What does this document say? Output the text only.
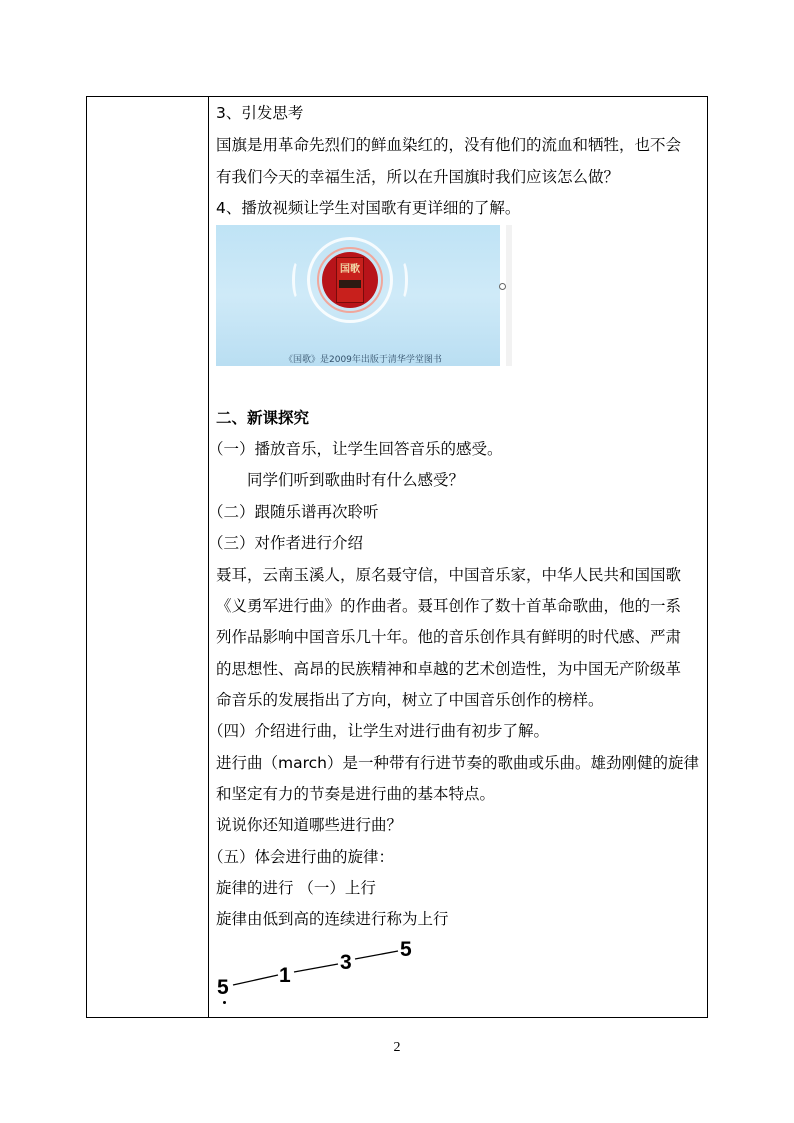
3、引发思考
国旗是用革命先烈们的鲜血染红的，没有他们的流血和牺牲，也不会
有我们今天的幸福生活，所以在升国旗时我们应该怎么做？
4、播放视频让学生对国歌有更详细的了解。
国歌
《国歌》是2009年出版于清华学堂图书
二、新课探究
（一）播放音乐，让学生回答音乐的感受。
同学们听到歌曲时有什么感受？
（二）跟随乐谱再次聆听
（三）对作者进行介绍
聂耳，云南玉溪人，原名聂守信，中国音乐家，中华人民共和国国歌
《义勇军进行曲》的作曲者。聂耳创作了数十首革命歌曲，他的一系
列作品影响中国音乐几十年。他的音乐创作具有鲜明的时代感、严肃
的思想性、高昂的民族精神和卓越的艺术创造性，为中国无产阶级革
命音乐的发展指出了方向，树立了中国音乐创作的榜样。
（四）介绍进行曲，让学生对进行曲有初步了解。
进行曲（march）是一种带有行进节奏的歌曲或乐曲。雄劲刚健的旋律
和坚定有力的节奏是进行曲的基本特点。
说说你还知道哪些进行曲？
（五）体会进行曲的旋律：
旋律的进行 （一）上行
旋律由低到高的连续进行称为上行
5
1
3
5
2
